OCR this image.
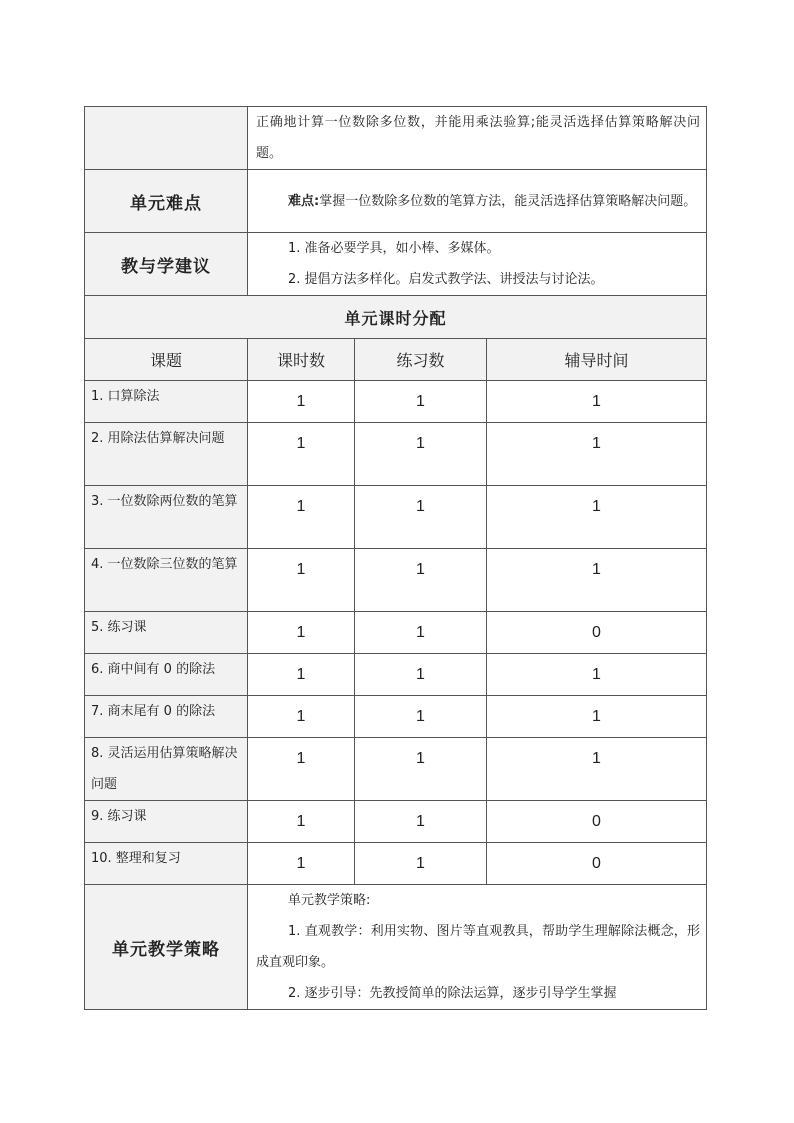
	正确地计算一位数除多位数，并能用乘法验算;能灵活选择估算策略解决问题。		

单元难点	难点:掌握一位数除多位数的笔算方法，能灵活选择估算策略解决问题。		

教与学建议	1. 准备必要学具，如小棒、多媒体。
2. 提倡方法多样化。启发式教学法、讲授法与讨论法。		

单元课时分配			
课题	课时数	练习数	辅导时间
1. 口算除法	1	1	1
2. 用除法估算解决问题	1	1	1
3. 一位数除两位数的笔算	1	1	1
4. 一位数除三位数的笔算	1	1	1
5. 练习课	1	1	0
6. 商中间有 0 的除法	1	1	1
7. 商末尾有 0 的除法	1	1	1
8. 灵活运用估算策略解决问题	1	1	1
9. 练习课	1	1	0
10. 整理和复习	1	1	0
单元教学策略	单元教学策略:
1. 直观教学：利用实物、图片等直观教具，帮助学生理解除法概念，形成直观印象。
2. 逐步引导：先教授简单的除法运算，逐步引导学生掌握		
